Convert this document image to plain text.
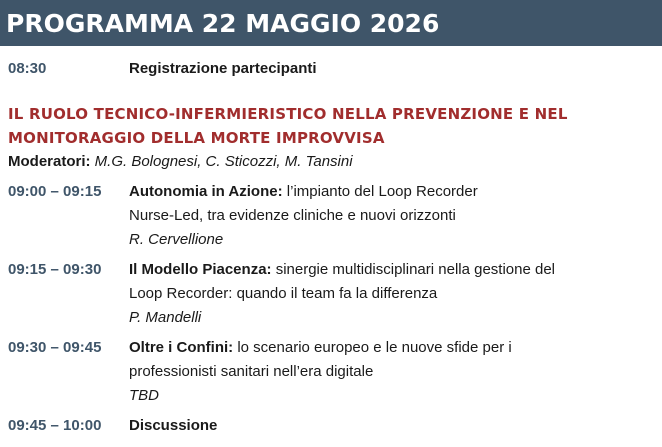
PROGRAMMA 22 MAGGIO 2026
08:30	Registrazione partecipanti
IL RUOLO TECNICO-INFERMIERISTICO NELLA PREVENZIONE E NEL
MONITORAGGIO DELLA MORTE IMPROVVISA
Moderatori: M.G. Bolognesi, C. Sticozzi, M. Tansini
09:00 – 09:15	Autonomia in Azione: l’impianto del Loop Recorder
Nurse-Led, tra evidenze cliniche e nuovi orizzonti
R. Cervellione
09:15 – 09:30	Il Modello Piacenza: sinergie multidisciplinari nella gestione del
Loop Recorder: quando il team fa la differenza
P. Mandelli
09:30 – 09:45	Oltre i Confini: lo scenario europeo e le nuove sfide per i
professionisti sanitari nell’era digitale
TBD
09:45 – 10:00	Discussione
